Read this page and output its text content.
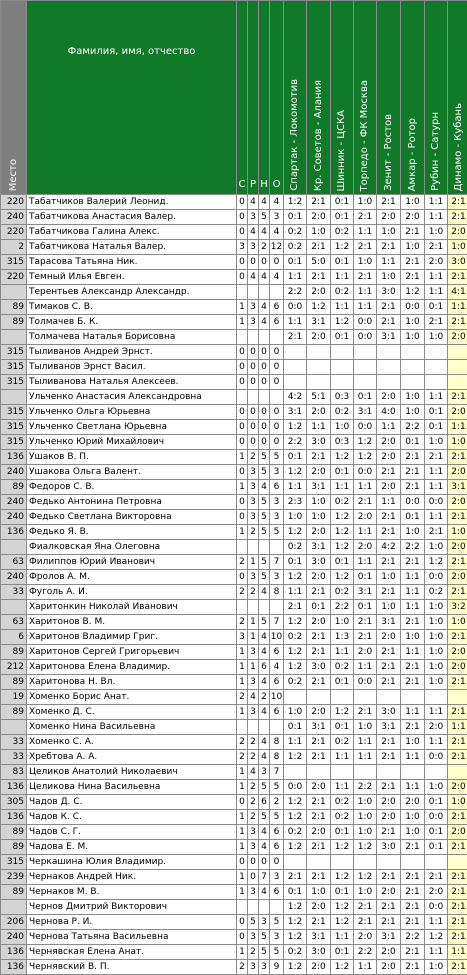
Место	Фамилия, имя, отчество	С	Р	Н	О	Спартак - Локомотив	Кр. Советов - Алания	Шинник - ЦСКА	Торпедо - ФК Москва	Зенит - Ростов	Амкар - Ротор	Рубин - Сатурн	Динамо - Кубань

220	Табатчиков Валерий Леонид.	0	4	4	4	1:2	2:1	0:1	1:0	2:1	1:0	1:1	2:1
240	Табатчикова Анастасия Валер.	0	3	5	3	0:1	2:0	0:1	2:1	2:0	2:0	1:1	2:1
220	Табатчикова Галина Алекс.	0	4	4	4	0:2	1:0	0:2	1:1	1:0	2:1	1:0	2:0
2	Табатчикова Наталья Валер.	3	3	2	12	0:2	2:1	1:2	2:1	2:1	1:0	2:1	1:0
315	Тарасова Татьяна Ник.	0	0	0	0	0:1	5:0	0:1	1:0	1:1	2:1	2:0	3:0
220	Темный Илья Евген.	0	4	4	4	1:1	2:1	1:1	2:1	1:0	2:1	1:1	2:1
	Терентьев Александр Александр.					2:2	2:0	0:2	1:1	3:0	1:2	1:1	4:1
89	Тимаков С. В.	1	3	4	6	0:0	1:2	1:1	1:1	2:1	0:0	0:1	1:1
89	Толмачев Б. К.	1	3	4	6	1:1	3:1	1:2	0:0	2:1	1:0	2:1	2:1
	Толмачева Наталья Борисовна					2:1	2:0	0:1	0:0	3:1	1:0	1:0	2:0
315	Тыливанов Андрей Эрнст.	0	0	0	0								
315	Тыливанов Эрнст Васил.	0	0	0	0								
315	Тыливанова Наталья Алексеев.	0	0	0	0								
	Ульченко Анастасия Александровна					4:2	5:1	0:3	0:1	2:0	1:0	1:1	2:1
315	Ульченко Ольга Юрьевна	0	0	0	0	3:1	2:0	0:2	3:1	4:0	1:0	0:1	2:0
315	Ульченко Светлана Юрьевна	0	0	0	0	1:2	1:1	1:0	0:0	1:1	2:2	0:1	1:1
315	Ульченко Юрий Михайлович	0	0	0	0	2:2	3:0	0:3	1:2	2:0	0:1	1:0	1:0
136	Ушаков В. П.	1	2	5	5	0:1	2:1	1:2	1:2	2:0	2:1	2:1	2:1
240	Ушакова Ольга Валент.	0	3	5	3	1:2	2:0	0:1	0:0	2:1	2:1	1:1	2:0
89	Федоров С. В.	1	3	4	6	1:1	3:1	1:1	1:1	2:0	2:1	1:1	3:1
240	Федько Антонина Петровна	0	3	5	3	2:3	1:0	0:2	2:1	1:1	0:0	0:0	2:0
240	Федько Светлана Викторовна	0	3	5	3	1:0	1:0	1:2	2:0	2:1	0:1	1:1	2:1
136	Федько Я. В.	1	2	5	5	1:2	2:0	1:2	1:1	2:1	1:0	2:1	1:0
	Фиалковская Яна Олеговна					0:2	3:1	1:2	2:0	4:2	2:2	1:0	2:0
63	Филиппов Юрий Иванович	2	1	5	7	0:1	3:0	0:1	1:1	2:1	2:1	1:2	2:1
240	Фролов А. М.	0	3	5	3	1:2	2:0	1:2	0:1	1:0	1:1	0:0	2:0
33	Фуголь А. И.	2	2	4	8	1:1	2:1	0:2	3:1	2:1	1:1	0:2	2:1
	Харитонкин Николай Иванович					2:1	0:1	2:2	0:1	1:0	1:1	1:0	3:2
63	Харитонов В. М.	2	1	5	7	1:2	2:0	1:0	2:1	3:1	2:1	1:0	1:0
6	Харитонов Владимир Григ.	3	1	4	10	0:2	2:1	1:3	2:1	2:0	1:0	1:0	2:1
89	Харитонов Сергей Григорьевич	1	3	4	6	1:2	2:1	1:1	2:0	2:1	1:1	1:0	2:0
212	Харитонова Елена Владимир.	1	1	6	4	1:2	3:0	0:2	1:1	2:1	2:1	1:0	2:0
89	Харитонова Н. Вл.	1	3	4	6	0:2	2:1	0:1	0:0	2:1	2:1	1:0	2:1
19	Хоменко Борис Анат.	2	4	2	10								
89	Хоменко Д. С.	1	3	4	6	1:0	2:0	1:2	2:1	3:0	1:1	1:1	2:1
	Хоменко Нина Васильевна					0:1	3:1	0:1	1:0	3:1	2:1	2:0	1:1
33	Хоменко С. А.	2	2	4	8	1:1	2:1	0:2	1:1	2:1	1:0	1:1	2:1
33	Хребтова А. А.	2	2	4	8	1:2	2:1	1:1	1:1	2:1	1:1	0:0	2:1
83	Целиков Анатолий Николаевич	1	4	3	7								
136	Целикова Нина Васильевна	1	2	5	5	0:0	2:0	1:1	2:2	2:1	1:1	1:0	2:0
305	Чадов Д. С.	0	2	6	2	1:2	2:1	0:2	1:0	2:0	2:0	0:1	1:0
136	Чадов К. С.	1	2	5	5	1:2	2:1	0:2	1:0	2:0	1:0	0:0	2:1
89	Чадов С. Г.	1	3	4	6	0:2	2:0	0:1	1:0	2:1	1:0	0:1	2:0
89	Чадова Е. М.	1	3	4	6	1:2	2:1	1:2	1:2	3:0	2:1	0:1	2:1
315	Черкашина Юлия Владимир.	0	0	0	0								
239	Чернаков Андрей Ник.	1	0	7	3	2:1	2:1	1:2	1:2	2:1	2:1	2:1	2:1
89	Чернаков М. В.	1	3	4	6	0:1	1:0	0:1	1:0	2:0	2:1	2:0	2:1
	Чернов Дмитрий Викторович					1:2	2:0	1:2	2:1	2:1	2:1	0:0	2:1
206	Чернова Р. И.	0	5	3	5	1:2	2:1	1:2	2:1	2:1	2:1	1:1	2:1
240	Чернова Татьяна Васильевна	0	3	5	3	1:2	3:1	1:1	2:0	3:1	2:2	1:2	2:1
136	Чернявская Елена Анат.	1	2	5	5	0:2	3:0	0:1	2:2	2:0	2:1	1:1	1:1
136	Чернявский В. П.	2	3	3	9	1:2	2:0	1:2	1:1	2:0	2:1	1:0	2:1
